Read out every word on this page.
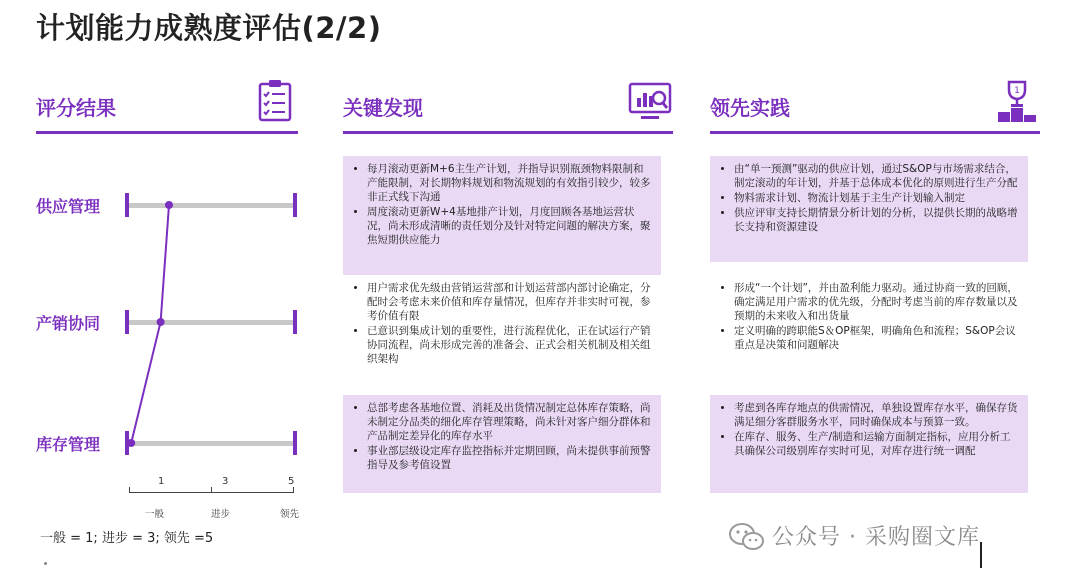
计划能力成熟度评估(2/2)
评分结果	关键发现	领先实践
1
供应管理
产销协同
库存管理
1	3	5
一般	进步	领先
一般 = 1; 进步 = 3; 领先 =5
• 每月滚动更新M+6主生产计划，并指导识别瓶颈物料限制和产能限制，对长期物料规划和物流规划的有效指引较少，较多非正式线下沟通
• 周度滚动更新W+4基地排产计划，月度回顾各基地运营状况，尚未形成清晰的责任划分及针对特定问题的解决方案，聚焦短期供应能力
• 用户需求优先级由营销运营部和计划运营部内部讨论确定，分配时会考虑未来价值和库存量情况，但库存并非实时可视，参考价值有限
• 已意识到集成计划的重要性，进行流程优化，正在试运行产销协同流程，尚未形成完善的准备会、正式会相关机制及相关组织架构
• 总部考虑各基地位置、消耗及出货情况制定总体库存策略，尚未制定分品类的细化库存管理策略，尚未针对客户细分群体和产品制定差异化的库存水平
• 事业部层级设定库存监控指标并定期回顾，尚未提供事前预警指导及参考值设置
• 由“单一预测”驱动的供应计划，通过S&OP与市场需求结合，制定滚动的年计划，并基于总体成本优化的原则进行生产分配
• 物料需求计划、物流计划基于主生产计划输入制定
• 供应评审支持长期情景分析计划的分析，以提供长期的战略增长支持和资源建设
• 形成“一个计划”，并由盈利能力驱动。通过协商一致的回顾，确定满足用户需求的优先级，分配时考虑当前的库存数量以及预期的未来收入和出货量
• 定义明确的跨职能S＆OP框架，明确角色和流程；S&OP会议重点是决策和问题解决
• 考虑到各库存地点的供需情况，单独设置库存水平，确保存货满足细分客群服务水平，同时确保成本与预算一致。
• 在库存、服务、生产/制造和运输方面制定指标，应用分析工具确保公司级别库存实时可见，对库存进行统一调配
公众号 · 采购圈文库
